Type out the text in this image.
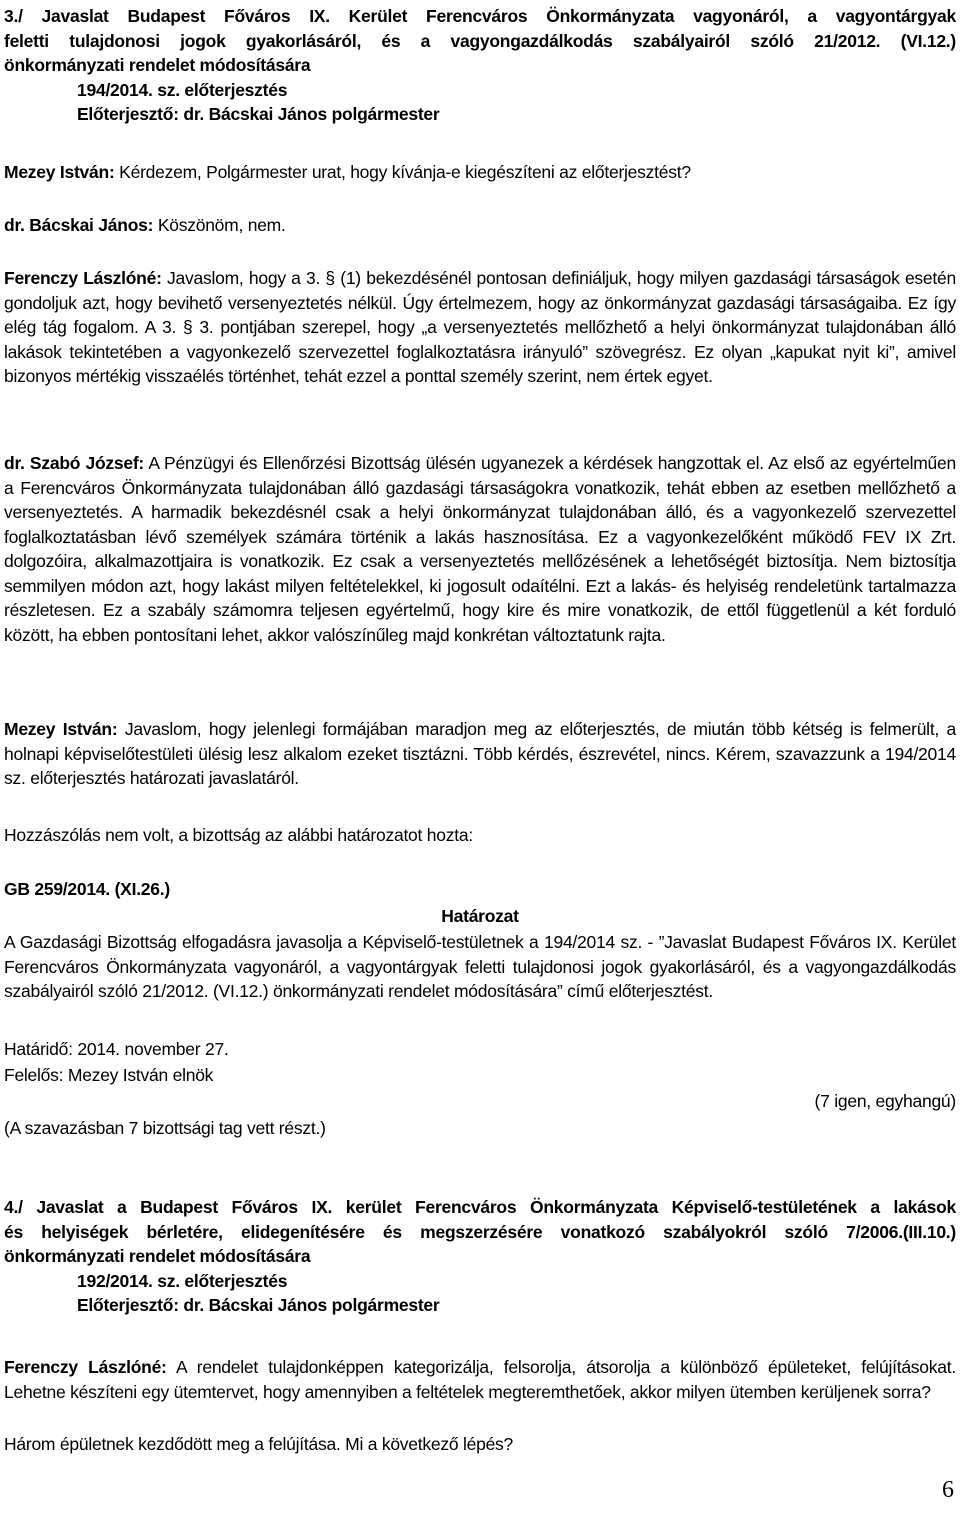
3./ Javaslat Budapest Főváros IX. Kerület Ferencváros Önkormányzata vagyonáról, a vagyontárgyak
feletti tulajdonosi jogok gyakorlásáról, és a vagyongazdálkodás szabályairól szóló 21/2012. (VI.12.)
önkormányzati rendelet módosítására
194/2014. sz. előterjesztés
Előterjesztő: dr. Bácskai János polgármester
Mezey István: Kérdezem, Polgármester urat, hogy kívánja-e kiegészíteni az előterjesztést?
dr. Bácskai János: Köszönöm, nem.
Ferenczy Lászlóné: Javaslom, hogy a 3. § (1) bekezdésénél pontosan definiáljuk, hogy milyen gazdasági társaságok esetén gondoljuk azt, hogy bevihető versenyeztetés nélkül. Úgy értelmezem, hogy az önkormányzat gazdasági társaságaiba. Ez így elég tág fogalom. A 3. § 3. pontjában szerepel, hogy „a versenyeztetés mellőzhető a helyi önkormányzat tulajdonában álló lakások tekintetében a vagyonkezelő szervezettel foglalkoztatásra irányuló” szövegrész. Ez olyan „kapukat nyit ki”, amivel bizonyos mértékig visszaélés történhet, tehát ezzel a ponttal személy szerint, nem értek egyet.
dr. Szabó József: A Pénzügyi és Ellenőrzési Bizottság ülésén ugyanezek a kérdések hangzottak el. Az első az egyértelműen a Ferencváros Önkormányzata tulajdonában álló gazdasági társaságokra vonatkozik, tehát ebben az esetben mellőzhető a versenyeztetés. A harmadik bekezdésnél csak a helyi önkormányzat tulajdonában álló, és a vagyonkezelő szervezettel foglalkoztatásban lévő személyek számára történik a lakás hasznosítása. Ez a vagyonkezelőként működő FEV IX Zrt. dolgozóira, alkalmazottjaira is vonatkozik. Ez csak a versenyeztetés mellőzésének a lehetőségét biztosítja. Nem biztosítja semmilyen módon azt, hogy lakást milyen feltételekkel, ki jogosult odaítélni. Ezt a lakás- és helyiség rendeletünk tartalmazza részletesen. Ez a szabály számomra teljesen egyértelmű, hogy kire és mire vonatkozik, de ettől függetlenül a két forduló között, ha ebben pontosítani lehet, akkor valószínűleg majd konkrétan változtatunk rajta.
Mezey István: Javaslom, hogy jelenlegi formájában maradjon meg az előterjesztés, de miután több kétség is felmerült, a holnapi képviselőtestületi ülésig lesz alkalom ezeket tisztázni. Több kérdés, észrevétel, nincs. Kérem, szavazzunk a 194/2014 sz. előterjesztés határozati javaslatáról.
Hozzászólás nem volt, a bizottság az alábbi határozatot hozta:
GB 259/2014. (XI.26.)
Határozat
A Gazdasági Bizottság elfogadásra javasolja a Képviselő-testületnek a 194/2014 sz. - ”Javaslat Budapest Főváros IX. Kerület Ferencváros Önkormányzata vagyonáról, a vagyontárgyak feletti tulajdonosi jogok gyakorlásáról, és a vagyongazdálkodás szabályairól szóló 21/2012. (VI.12.) önkormányzati rendelet módosítására” című előterjesztést.
Határidő: 2014. november 27.
Felelős: Mezey István elnök
(7 igen, egyhangú)
(A szavazásban 7 bizottsági tag vett részt.)
4./ Javaslat a Budapest Főváros IX. kerület Ferencváros Önkormányzata Képviselő-testületének a lakások
és helyiségek bérletére, elidegenítésére és megszerzésére vonatkozó szabályokról szóló 7/2006.(III.10.)
önkormányzati rendelet módosítására
192/2014. sz. előterjesztés
Előterjesztő: dr. Bácskai János polgármester
Ferenczy Lászlóné: A rendelet tulajdonképpen kategorizálja, felsorolja, átsorolja a különböző épületeket, felújításokat. Lehetne készíteni egy ütemtervet, hogy amennyiben a feltételek megteremthetőek, akkor milyen ütemben kerüljenek sorra?
Három épületnek kezdődött meg a felújítása. Mi a következő lépés?
6
